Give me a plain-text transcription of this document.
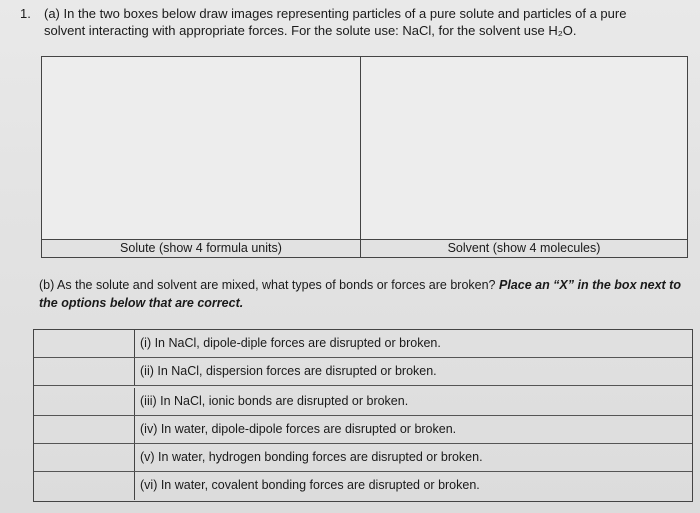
1. (a) In the two boxes below draw images representing particles of a pure solute and particles of a pure
solvent interacting with appropriate forces. For the solute use: NaCl, for the solvent use H₂O.
Solute (show 4 formula units)	Solvent (show 4 molecules)
(b) As the solute and solvent are mixed, what types of bonds or forces are broken? Place an “X” in the box next to the options below that are correct.
(i) In NaCl, dipole-diple forces are disrupted or broken.
(ii) In NaCl, dispersion forces are disrupted or broken.
(iii) In NaCl, ionic bonds are disrupted or broken.
(iv) In water, dipole-dipole forces are disrupted or broken.
(v) In water, hydrogen bonding forces are disrupted or broken.
(vi) In water, covalent bonding forces are disrupted or broken.
